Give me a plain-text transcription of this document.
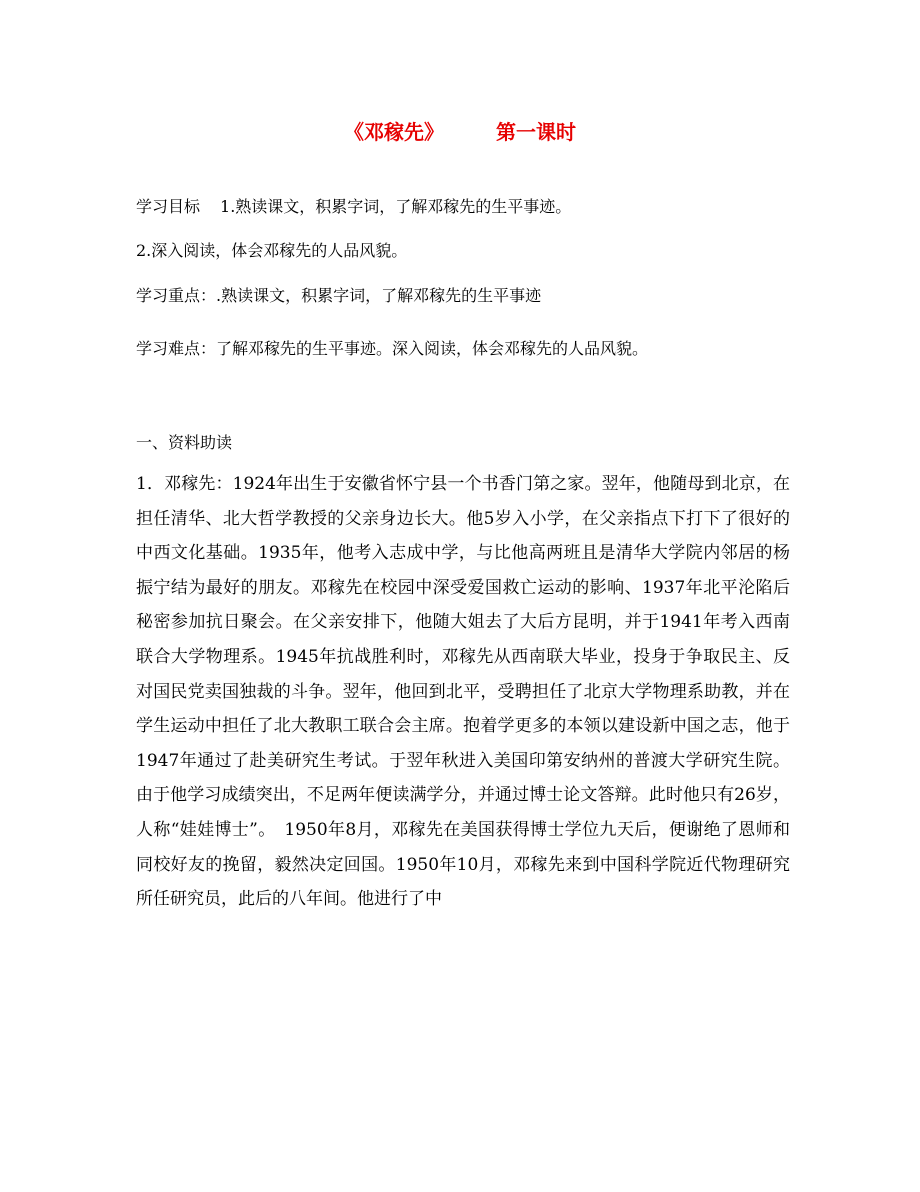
《邓稼先》	第一课时
学习目标 1.熟读课文，积累字词，了解邓稼先的生平事迹。
2.深入阅读，体会邓稼先的人品风貌。
学习重点：.熟读课文，积累字词，了解邓稼先的生平事迹
学习难点：了解邓稼先的生平事迹。深入阅读，体会邓稼先的人品风貌。
一、资料助读
1．邓稼先：1924年出生于安徽省怀宁县一个书香门第之家。翌年，他随母到北京，在担任清华、北大哲学教授的父亲身边长大。他5岁入小学，在父亲指点下打下了很好的中西文化基础。1935年，他考入志成中学，与比他高两班且是清华大学院内邻居的杨振宁结为最好的朋友。邓稼先在校园中深受爱国救亡运动的影响、1937年北平沦陷后秘密参加抗日聚会。在父亲安排下，他随大姐去了大后方昆明，并于1941年考入西南联合大学物理系。1945年抗战胜利时，邓稼先从西南联大毕业，投身于争取民主、反对国民党卖国独裁的斗争。翌年，他回到北平，受聘担任了北京大学物理系助教，并在学生运动中担任了北大教职工联合会主席。抱着学更多的本领以建设新中国之志，他于1947年通过了赴美研究生考试。于翌年秋进入美国印第安纳州的普渡大学研究生院。由于他学习成绩突出，不足两年便读满学分，并通过博士论文答辩。此时他只有26岁，人称“娃娃博士”。　1950年8月，邓稼先在美国获得博士学位九天后，便谢绝了恩师和同校好友的挽留，毅然决定回国。1950年10月，邓稼先来到中国科学院近代物理研究所任研究员，此后的八年间。他进行了中
